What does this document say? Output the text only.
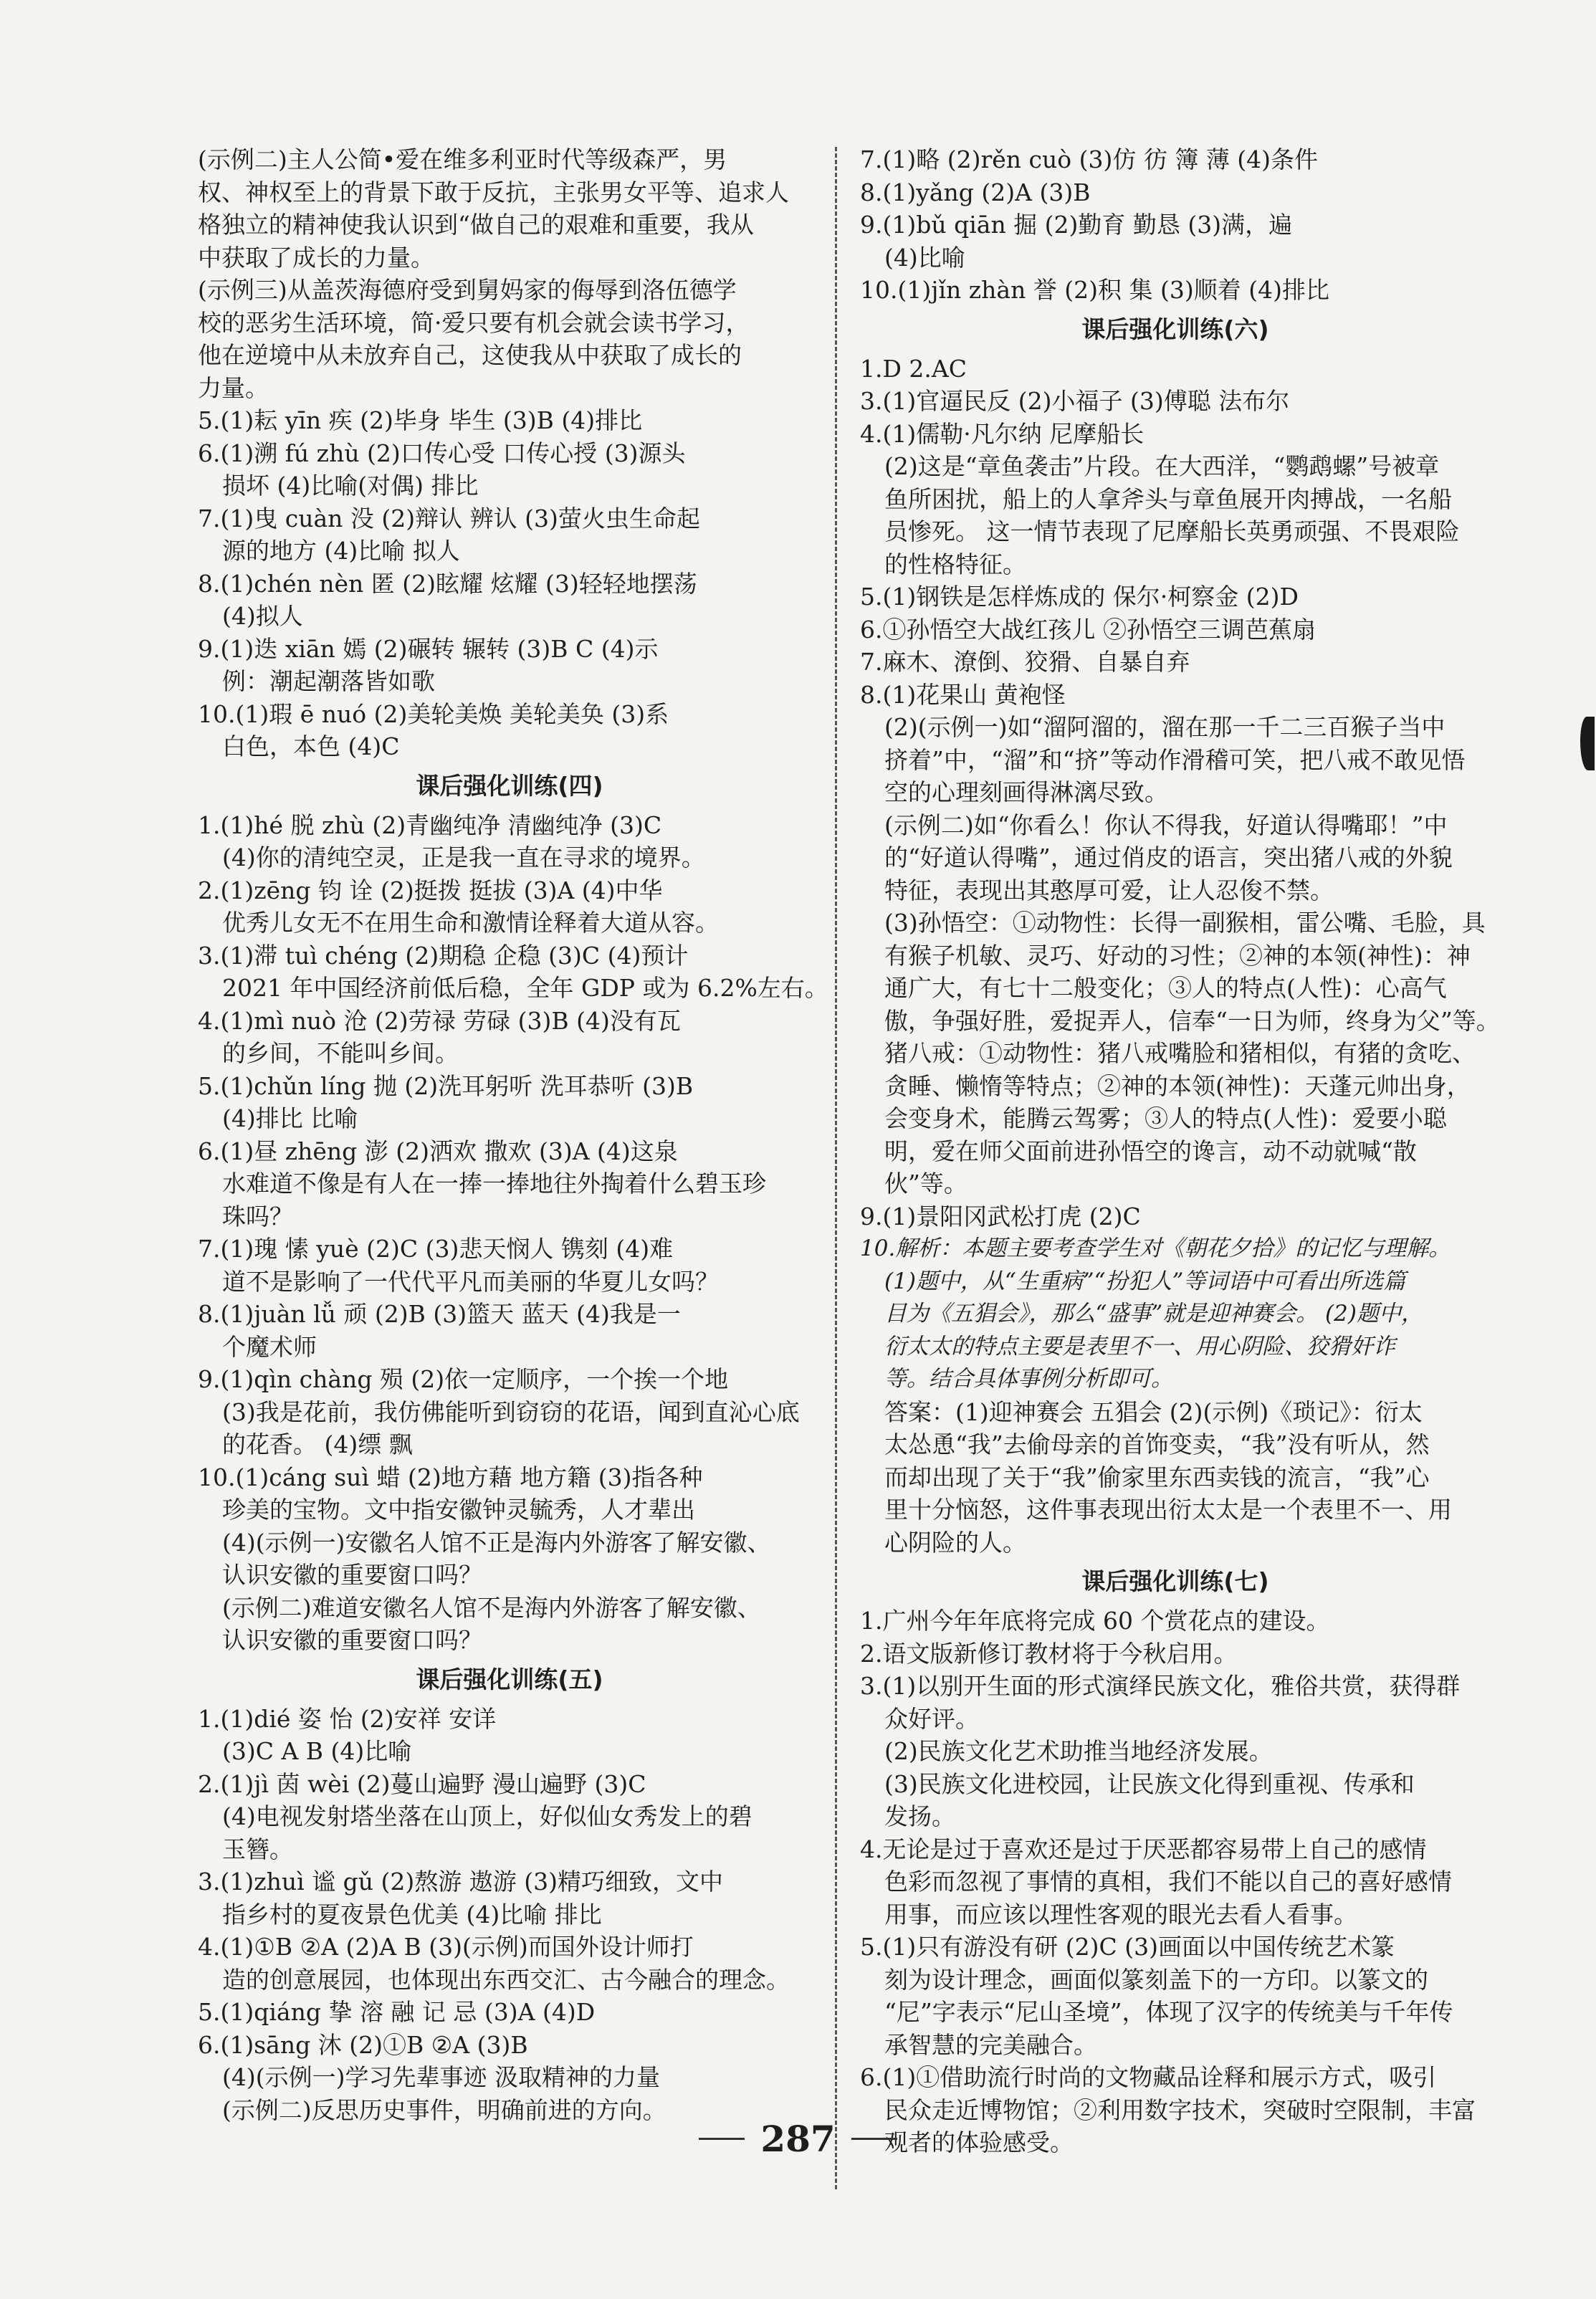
(示例二)主人公简•爱在维多利亚时代等级森严，男
权、神权至上的背景下敢于反抗，主张男女平等、追求人
格独立的精神使我认识到“做自己的艰难和重要，我从
中获取了成长的力量。
(示例三)从盖茨海德府受到舅妈家的侮辱到洛伍德学
校的恶劣生活环境，简·爱只要有机会就会读书学习，
他在逆境中从未放弃自己，这使我从中获取了成长的
力量。
5.(1)耘 yīn 疾 (2)毕身 毕生 (3)B (4)排比
6.(1)溯 fú zhù (2)口传心受 口传心授 (3)源头
损坏 (4)比喻(对偶) 排比
7.(1)曳 cuàn 没 (2)辩认 辨认 (3)萤火虫生命起
源的地方 (4)比喻 拟人
8.(1)chén nèn 匿 (2)眩耀 炫耀 (3)轻轻地摆荡
(4)拟人
9.(1)迭 xiān 嫣 (2)碾转 辗转 (3)B C (4)示
例：潮起潮落皆如歌
10.(1)瑕 ē nuó (2)美轮美焕 美轮美奂 (3)系
白色，本色 (4)C
课后强化训练(四)
1.(1)hé 脱 zhù (2)青幽纯净 清幽纯净 (3)C
(4)你的清纯空灵，正是我一直在寻求的境界。
2.(1)zēng 钧 诠 (2)挺拨 挺拔 (3)A (4)中华
优秀儿女无不在用生命和激情诠释着大道从容。
3.(1)滞 tuì chéng (2)期稳 企稳 (3)C (4)预计
2021 年中国经济前低后稳，全年 GDP 或为 6.2%左右。
4.(1)mì nuò 沧 (2)劳禄 劳碌 (3)B (4)没有瓦
的乡间，不能叫乡间。
5.(1)chǔn líng 抛 (2)洗耳躬听 洗耳恭听 (3)B
(4)排比 比喻
6.(1)昼 zhēng 澎 (2)洒欢 撒欢 (3)A (4)这泉
水难道不像是有人在一捧一捧地往外掏着什么碧玉珍
珠吗？
7.(1)瑰 愫 yuè (2)C (3)悲天悯人 镌刻 (4)难
道不是影响了一代代平凡而美丽的华夏儿女吗？
8.(1)juàn lǚ 顽 (2)B (3)篮天 蓝天 (4)我是一
个魔术师
9.(1)qìn chàng 殒 (2)依一定顺序，一个挨一个地
(3)我是花前，我仿佛能听到窃窃的花语，闻到直沁心底
的花香。 (4)缥 飘
10.(1)cáng suì 蜡 (2)地方藉 地方籍 (3)指各种
珍美的宝物。文中指安徽钟灵毓秀，人才辈出
(4)(示例一)安徽名人馆不正是海内外游客了解安徽、
认识安徽的重要窗口吗？
(示例二)难道安徽名人馆不是海内外游客了解安徽、
认识安徽的重要窗口吗？
课后强化训练(五)
1.(1)dié 姿 怡 (2)安祥 安详
(3)C A B (4)比喻
2.(1)jì 茵 wèi (2)蔓山遍野 漫山遍野 (3)C
(4)电视发射塔坐落在山顶上，好似仙女秀发上的碧
玉簪。
3.(1)zhuì 谧 gǔ (2)熬游 遨游 (3)精巧细致，文中
指乡村的夏夜景色优美 (4)比喻 排比
4.(1)①B ②A (2)A B (3)(示例)而国外设计师打
造的创意展园，也体现出东西交汇、古今融合的理念。
5.(1)qiáng 挚 溶 融 记 忌 (3)A (4)D
6.(1)sāng 沐 (2)①B ②A (3)B
(4)(示例一)学习先辈事迹 汲取精神的力量
(示例二)反思历史事件，明确前进的方向。
7.(1)略 (2)rěn cuò (3)仿 彷 簿 薄 (4)条件
8.(1)yǎng (2)A (3)B
9.(1)bǔ qiān 掘 (2)勤育 勤恳 (3)满，遍
(4)比喻
10.(1)jǐn zhàn 誉 (2)积 集 (3)顺着 (4)排比
课后强化训练(六)
1.D 2.AC
3.(1)官逼民反 (2)小福子 (3)傅聪 法布尔
4.(1)儒勒·凡尔纳 尼摩船长
(2)这是“章鱼袭击”片段。在大西洋，“鹦鹉螺”号被章
鱼所困扰，船上的人拿斧头与章鱼展开肉搏战，一名船
员惨死。 这一情节表现了尼摩船长英勇顽强、不畏艰险
的性格特征。
5.(1)钢铁是怎样炼成的 保尔·柯察金 (2)D
6.①孙悟空大战红孩儿 ②孙悟空三调芭蕉扇
7.麻木、潦倒、狡猾、自暴自弃
8.(1)花果山 黄袍怪
(2)(示例一)如“溜阿溜的，溜在那一千二三百猴子当中
挤着”中，“溜”和“挤”等动作滑稽可笑，把八戒不敢见悟
空的心理刻画得淋漓尽致。
(示例二)如“你看么！你认不得我，好道认得嘴耶！”中
的“好道认得嘴”，通过俏皮的语言，突出猪八戒的外貌
特征，表现出其憨厚可爱，让人忍俊不禁。
(3)孙悟空：①动物性：长得一副猴相，雷公嘴、毛脸，具
有猴子机敏、灵巧、好动的习性；②神的本领(神性)：神
通广大，有七十二般变化；③人的特点(人性)：心高气
傲，争强好胜，爱捉弄人，信奉“一日为师，终身为父”等。
猪八戒：①动物性：猪八戒嘴脸和猪相似，有猪的贪吃、
贪睡、懒惰等特点；②神的本领(神性)：天蓬元帅出身，
会变身术，能腾云驾雾；③人的特点(人性)：爱要小聪
明，爱在师父面前进孙悟空的谗言，动不动就喊“散
伙”等。
9.(1)景阳冈武松打虎 (2)C
10.解析：本题主要考查学生对《朝花夕拾》的记忆与理解。
(1)题中，从“生重病”“扮犯人”等词语中可看出所选篇
目为《五猖会》，那么“盛事”就是迎神赛会。 (2)题中，
衍太太的特点主要是表里不一、用心阴险、狡猾奸诈
等。结合具体事例分析即可。
答案：(1)迎神赛会 五猖会 (2)(示例)《琐记》：衍太
太怂恿“我”去偷母亲的首饰变卖，“我”没有听从，然
而却出现了关于“我”偷家里东西卖钱的流言，“我”心
里十分恼怒，这件事表现出衍太太是一个表里不一、用
心阴险的人。
课后强化训练(七)
1.广州今年年底将完成 60 个赏花点的建设。
2.语文版新修订教材将于今秋启用。
3.(1)以别开生面的形式演绎民族文化，雅俗共赏，获得群
众好评。
(2)民族文化艺术助推当地经济发展。
(3)民族文化进校园，让民族文化得到重视、传承和
发扬。
4.无论是过于喜欢还是过于厌恶都容易带上自己的感情
色彩而忽视了事情的真相，我们不能以自己的喜好感情
用事，而应该以理性客观的眼光去看人看事。
5.(1)只有游没有研 (2)C (3)画面以中国传统艺术篆
刻为设计理念，画面似篆刻盖下的一方印。以篆文的
“尼”字表示“尼山圣境”，体现了汉字的传统美与千年传
承智慧的完美融合。
6.(1)①借助流行时尚的文物藏品诠释和展示方式，吸引
民众走近博物馆；②利用数字技术，突破时空限制，丰富
观者的体验感受。
287
